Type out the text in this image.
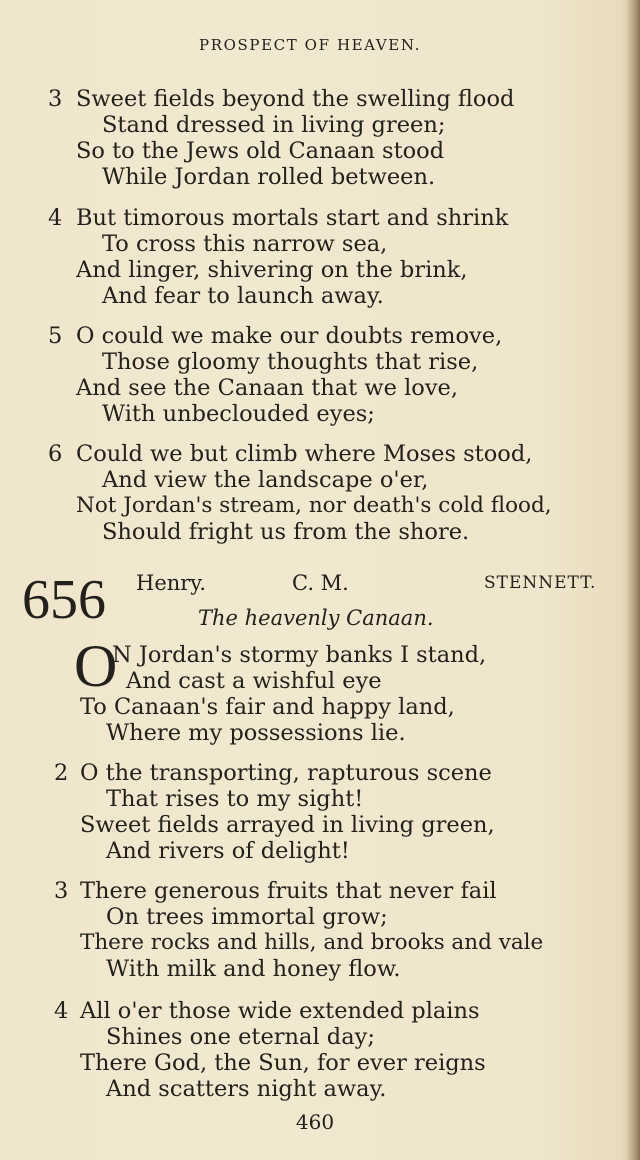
PROSPECT OF HEAVEN.
3 Sweet fields beyond the swelling flood
Stand dressed in living green;
So to the Jews old Canaan stood
While Jordan rolled between.
4 But timorous mortals start and shrink
To cross this narrow sea,
And linger, shivering on the brink,
And fear to launch away.
5 O could we make our doubts remove,
Those gloomy thoughts that rise,
And see the Canaan that we love,
With unbeclouded eyes;
6 Could we but climb where Moses stood,
And view the landscape o'er,
Not Jordan's stream, nor death's cold flood,
Should fright us from the shore.
656 Henry.	C. M.	STENNETT.
The heavenly Canaan.
O
N Jordan's stormy banks I stand,
And cast a wishful eye
To Canaan's fair and happy land,
Where my possessions lie.
2 O the transporting, rapturous scene
That rises to my sight!
Sweet fields arrayed in living green,
And rivers of delight!
3 There generous fruits that never fail
On trees immortal grow;
There rocks and hills, and brooks and vale
With milk and honey flow.
4 All o'er those wide extended plains
Shines one eternal day;
There God, the Sun, for ever reigns
And scatters night away.
460
